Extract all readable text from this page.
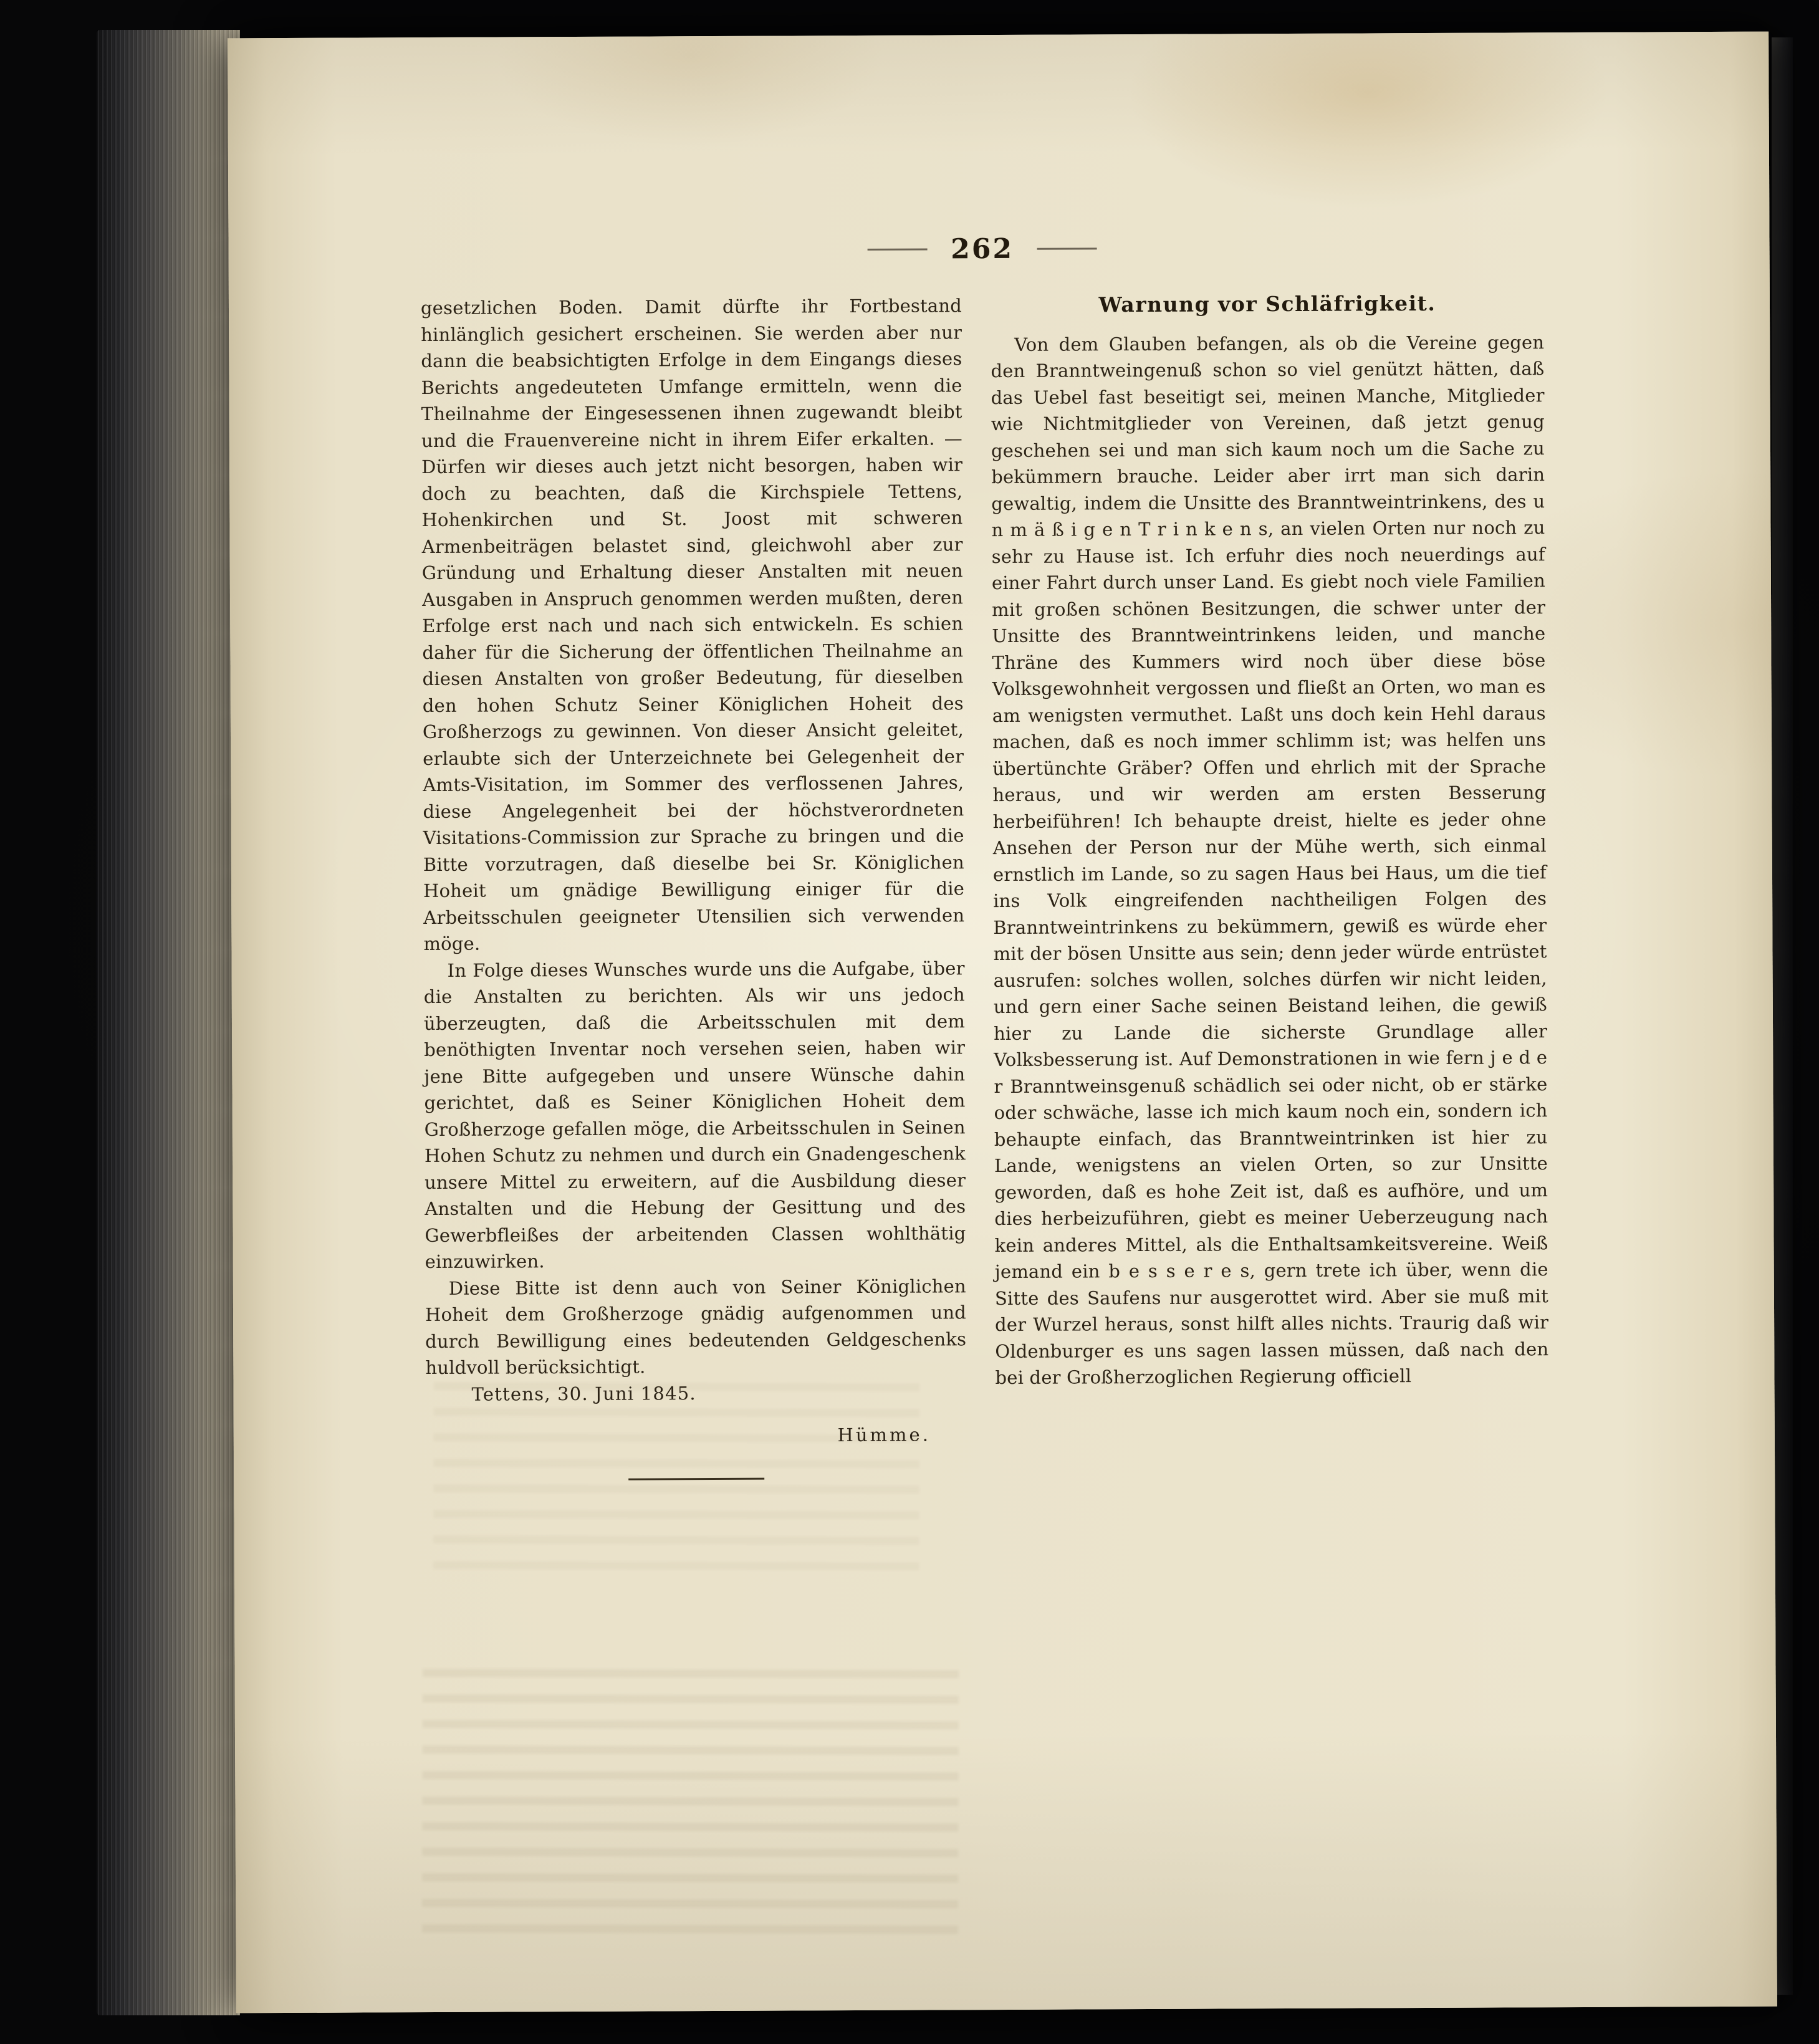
262

gesetzlichen Boden. Damit dürfte ihr Fortbestand hinlänglich gesichert erscheinen. Sie werden aber nur dann die beabsichtigten Erfolge in dem Eingangs dieses Berichts angedeuteten Umfange ermitteln, wenn die Theilnahme der Eingesessenen ihnen zugewandt bleibt und die Frauenvereine nicht in ihrem Eifer erkalten. — Dürfen wir dieses auch jetzt nicht besorgen, haben wir doch zu beachten, daß die Kirchspiele Tettens, Hohenkirchen und St. Joost mit schweren Armenbeiträgen belastet sind, gleichwohl aber zur Gründung und Erhaltung dieser Anstalten mit neuen Ausgaben in Anspruch genommen werden mußten, deren Erfolge erst nach und nach sich entwickeln. Es schien daher für die Sicherung der öffentlichen Theilnahme an diesen Anstalten von großer Bedeutung, für dieselben den hohen Schutz Seiner Königlichen Hoheit des Großherzogs zu gewinnen. Von dieser Ansicht geleitet, erlaubte sich der Unterzeichnete bei Gelegenheit der Amts-Visitation, im Sommer des verflossenen Jahres, diese Angelegenheit bei der höchstverordneten Visitations-Commission zur Sprache zu bringen und die Bitte vorzutragen, daß dieselbe bei Sr. Königlichen Hoheit um gnädige Bewilligung einiger für die Arbeitsschulen geeigneter Utensilien sich verwenden möge.

In Folge dieses Wunsches wurde uns die Aufgabe, über die Anstalten zu berichten. Als wir uns jedoch überzeugten, daß die Arbeitsschulen mit dem benöthigten Inventar noch versehen seien, haben wir jene Bitte aufgegeben und unsere Wünsche dahin gerichtet, daß es Seiner Königlichen Hoheit dem Großherzoge gefallen möge, die Arbeitsschulen in Seinen Hohen Schutz zu nehmen und durch ein Gnadengeschenk unsere Mittel zu erweitern, auf die Ausbildung dieser Anstalten und die Hebung der Gesittung und des Gewerbfleißes der arbeitenden Classen wohlthätig einzuwirken.

Diese Bitte ist denn auch von Seiner Königlichen Hoheit dem Großherzoge gnädig aufgenommen und durch Bewilligung eines bedeutenden Geldgeschenks huldvoll berücksichtigt.

Tettens, 30. Juni 1845.

Hümme.

Warnung vor Schläfrigkeit.

Von dem Glauben befangen, als ob die Vereine gegen den Branntweingenuß schon so viel genützt hätten, daß das Uebel fast beseitigt sei, meinen Manche, Mitglieder wie Nichtmitglieder von Vereinen, daß jetzt genug geschehen sei und man sich kaum noch um die Sache zu bekümmern brauche. Leider aber irrt man sich darin gewaltig, indem die Unsitte des Branntweintrinkens, des u n m ä ß i g e n T r i n k e n s, an vielen Orten nur noch zu sehr zu Hause ist. Ich erfuhr dies noch neuerdings auf einer Fahrt durch unser Land. Es giebt noch viele Familien mit großen schönen Besitzungen, die schwer unter der Unsitte des Branntweintrinkens leiden, und manche Thräne des Kummers wird noch über diese böse Volksgewohnheit vergossen und fließt an Orten, wo man es am wenigsten vermuthet. Laßt uns doch kein Hehl daraus machen, daß es noch immer schlimm ist; was helfen uns übertünchte Gräber? Offen und ehrlich mit der Sprache heraus, und wir werden am ersten Besserung herbeiführen! Ich behaupte dreist, hielte es jeder ohne Ansehen der Person nur der Mühe werth, sich einmal ernstlich im Lande, so zu sagen Haus bei Haus, um die tief ins Volk eingreifenden nachtheiligen Folgen des Branntweintrinkens zu bekümmern, gewiß es würde eher mit der bösen Unsitte aus sein; denn jeder würde entrüstet ausrufen: solches wollen, solches dürfen wir nicht leiden, und gern einer Sache seinen Beistand leihen, die gewiß hier zu Lande die sicherste Grundlage aller Volksbesserung ist. Auf Demonstrationen in wie fern j e d e r Branntweinsgenuß schädlich sei oder nicht, ob er stärke oder schwäche, lasse ich mich kaum noch ein, sondern ich behaupte einfach, das Branntweintrinken ist hier zu Lande, wenigstens an vielen Orten, so zur Unsitte geworden, daß es hohe Zeit ist, daß es aufhöre, und um dies herbeizuführen, giebt es meiner Ueberzeugung nach kein anderes Mittel, als die Enthaltsamkeitsvereine. Weiß jemand ein b e s s e r e s, gern trete ich über, wenn die Sitte des Saufens nur ausgerottet wird. Aber sie muß mit der Wurzel heraus, sonst hilft alles nichts. Traurig daß wir Oldenburger es uns sagen lassen müssen, daß nach den bei der Großherzoglichen Regierung officiell
